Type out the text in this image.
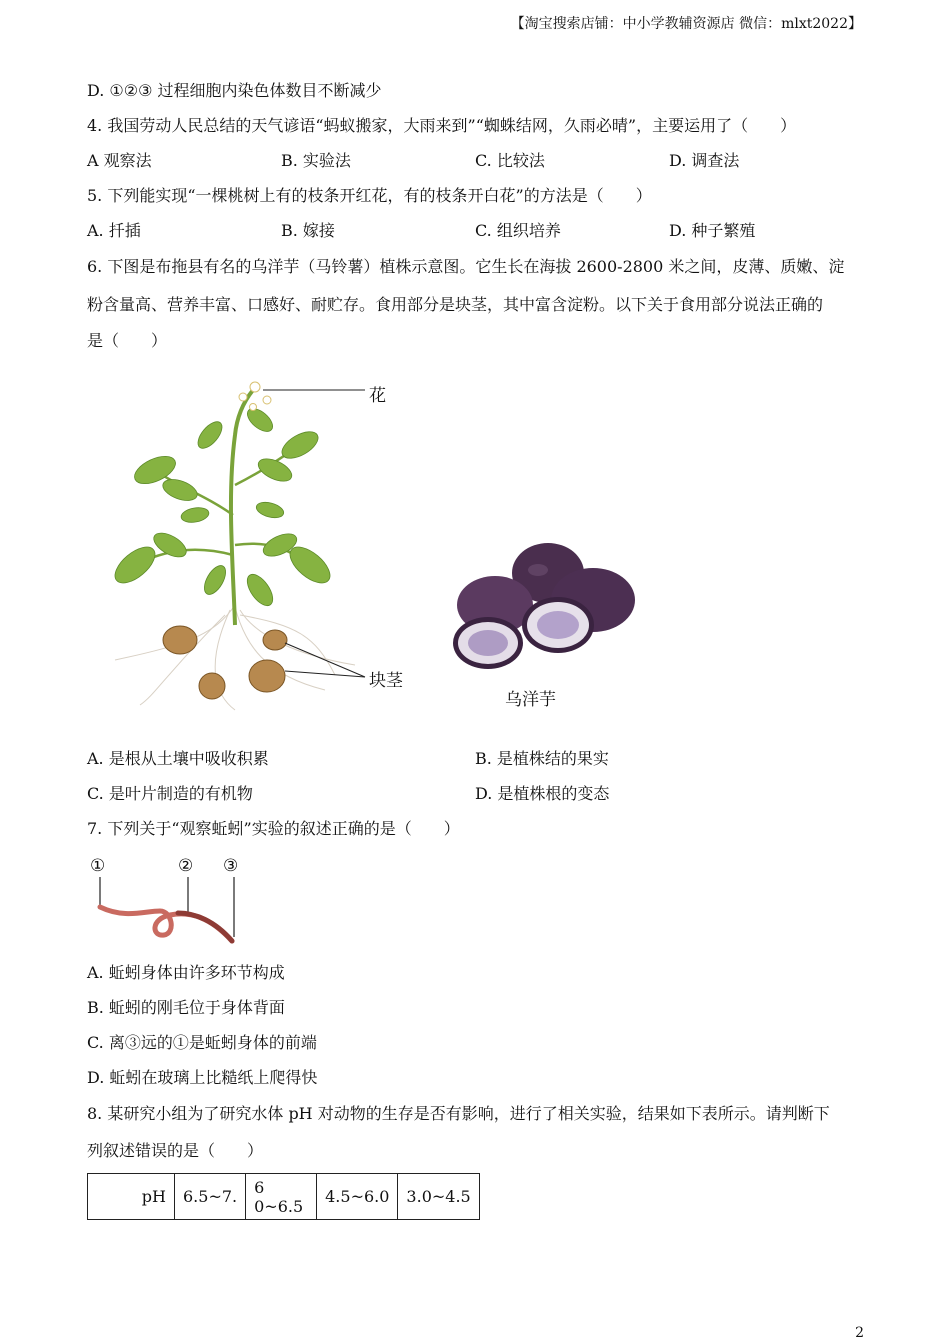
【淘宝搜索店铺：中小学教辅资源店 微信：mlxt2022】
D. ①②③ 过程细胞内染色体数目不断减少
4. 我国劳动人民总结的天气谚语“蚂蚁搬家，大雨来到”“蜘蛛结网，久雨必晴”，主要运用了（　　）
A 观察法	B. 实验法	C. 比较法	D. 调查法
5. 下列能实现“一棵桃树上有的枝条开红花，有的枝条开白花”的方法是（　　）
A. 扦插	B. 嫁接	C. 组织培养	D. 种子繁殖
6. 下图是布拖县有名的乌洋芋（马铃薯）植株示意图。它生长在海拔 2600-2800 米之间，皮薄、质嫩、淀
粉含量高、营养丰富、口感好、耐贮存。食用部分是块茎，其中富含淀粉。以下关于食用部分说法正确的
是（　　）
花
块茎
乌洋芋
A. 是根从土壤中吸收积累	B. 是植株结的果实
C. 是叶片制造的有机物	D. 是植株根的变态
7. 下列关于“观察蚯蚓”实验的叙述正确的是（　　）
①	② ③
A. 蚯蚓身体由许多环节构成
B. 蚯蚓的刚毛位于身体背面
C. 离③远的①是蚯蚓身体的前端
D. 蚯蚓在玻璃上比糙纸上爬得快
8. 某研究小组为了研究水体 pH 对动物的生存是否有影响，进行了相关实验，结果如下表所示。请判断下
列叙述错误的是（　　）
pH	6.5~7.	6 0~6.5	4.5~6.0	3.0~4.5
2
